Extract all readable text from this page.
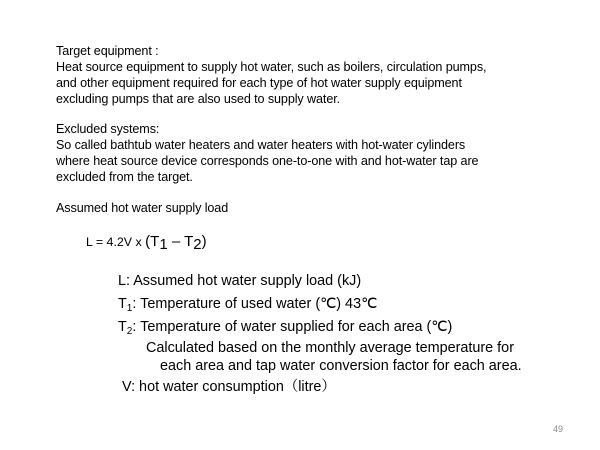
Target equipment :
Heat source equipment to supply hot water, such as boilers, circulation pumps,
and other equipment required for each type of hot water supply equipment
excluding pumps that are also used to supply water.
Excluded systems:
So called bathtub water heaters and water heaters with hot-water cylinders
where heat source device corresponds one-to-one with and hot-water tap are
excluded from the target.
Assumed hot water supply load
L = 4.2V x $(T_1 - T_2)$
L: Assumed hot water supply load (kJ)
$T_1$: Temperature of used water (℃) 43℃
$T_2$: Temperature of water supplied for each area (℃)
Calculated based on the monthly average temperature for
each area and tap water conversion factor for each area.
V: hot water consumption（litre）
49
